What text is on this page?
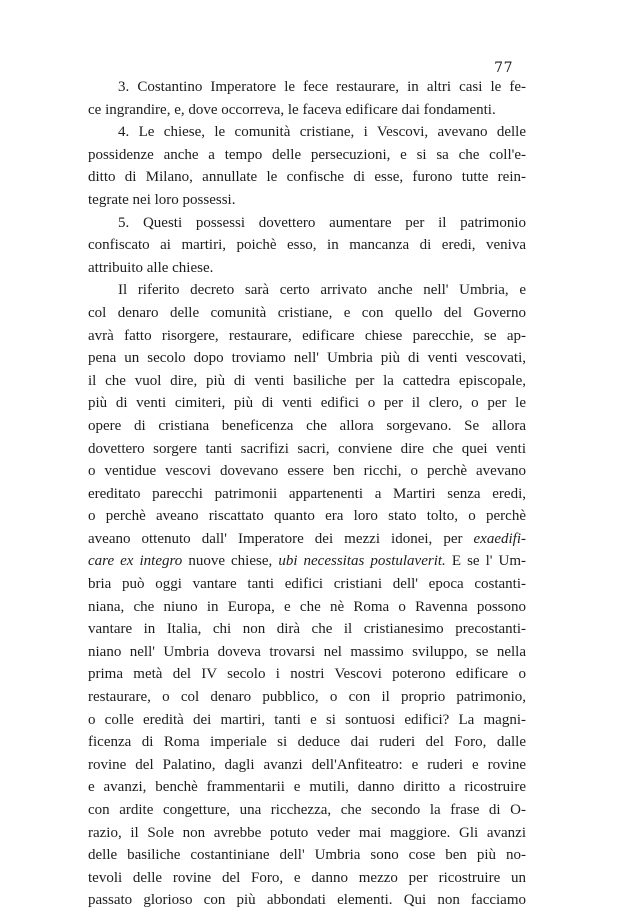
77
3. Costantino Imperatore le fece restaurare, in altri casi le fe-
ce ingrandire, e, dove occorreva, le faceva edificare dai fondamenti.
4. Le chiese, le comunità cristiane, i Vescovi, avevano delle
possidenze anche a tempo delle persecuzioni, e si sa che coll'e-
ditto di Milano, annullate le confische di esse, furono tutte rein-
tegrate nei loro possessi.
5. Questi possessi dovettero aumentare per il patrimonio
confiscato ai martiri, poichè esso, in mancanza di eredi, veniva
attribuito alle chiese.
Il riferito decreto sarà certo arrivato anche nell' Umbria, e
col denaro delle comunità cristiane, e con quello del Governo
avrà fatto risorgere, restaurare, edificare chiese parecchie, se ap-
pena un secolo dopo troviamo nell' Umbria più di venti vescovati,
il che vuol dire, più di venti basiliche per la cattedra episcopale,
più di venti cimiteri, più di venti edifici o per il clero, o per le
opere di cristiana beneficenza che allora sorgevano. Se allora
dovettero sorgere tanti sacrifizi sacri, conviene dire che quei venti
o ventidue vescovi dovevano essere ben ricchi, o perchè avevano
ereditato parecchi patrimonii appartenenti a Martiri senza eredi,
o perchè aveano riscattato quanto era loro stato tolto, o perchè
aveano ottenuto dall' Imperatore dei mezzi idonei, per exaedifi-
care ex integro nuove chiese, ubi necessitas postulaverit. E se l' Um-
bria può oggi vantare tanti edifici cristiani dell' epoca costanti-
niana, che niuno in Europa, e che nè Roma o Ravenna possono
vantare in Italia, chi non dirà che il cristianesimo precostanti-
niano nell' Umbria doveva trovarsi nel massimo sviluppo, se nella
prima metà del IV secolo i nostri Vescovi poterono edificare o
restaurare, o col denaro pubblico, o con il proprio patrimonio,
o colle eredità dei martiri, tanti e si sontuosi edifici? La magni-
ficenza di Roma imperiale si deduce dai ruderi del Foro, dalle
rovine del Palatino, dagli avanzi dell'Anfiteatro: e ruderi e rovine
e avanzi, benchè frammentarii e mutili, danno diritto a ricostruire
con ardite congetture, una ricchezza, che secondo la frase di O-
razio, il Sole non avrebbe potuto veder mai maggiore. Gli avanzi
delle basiliche costantiniane dell' Umbria sono cose ben più no-
tevoli delle rovine del Foro, e danno mezzo per ricostruire un
passato glorioso con più abbondati elementi. Qui non facciamo
